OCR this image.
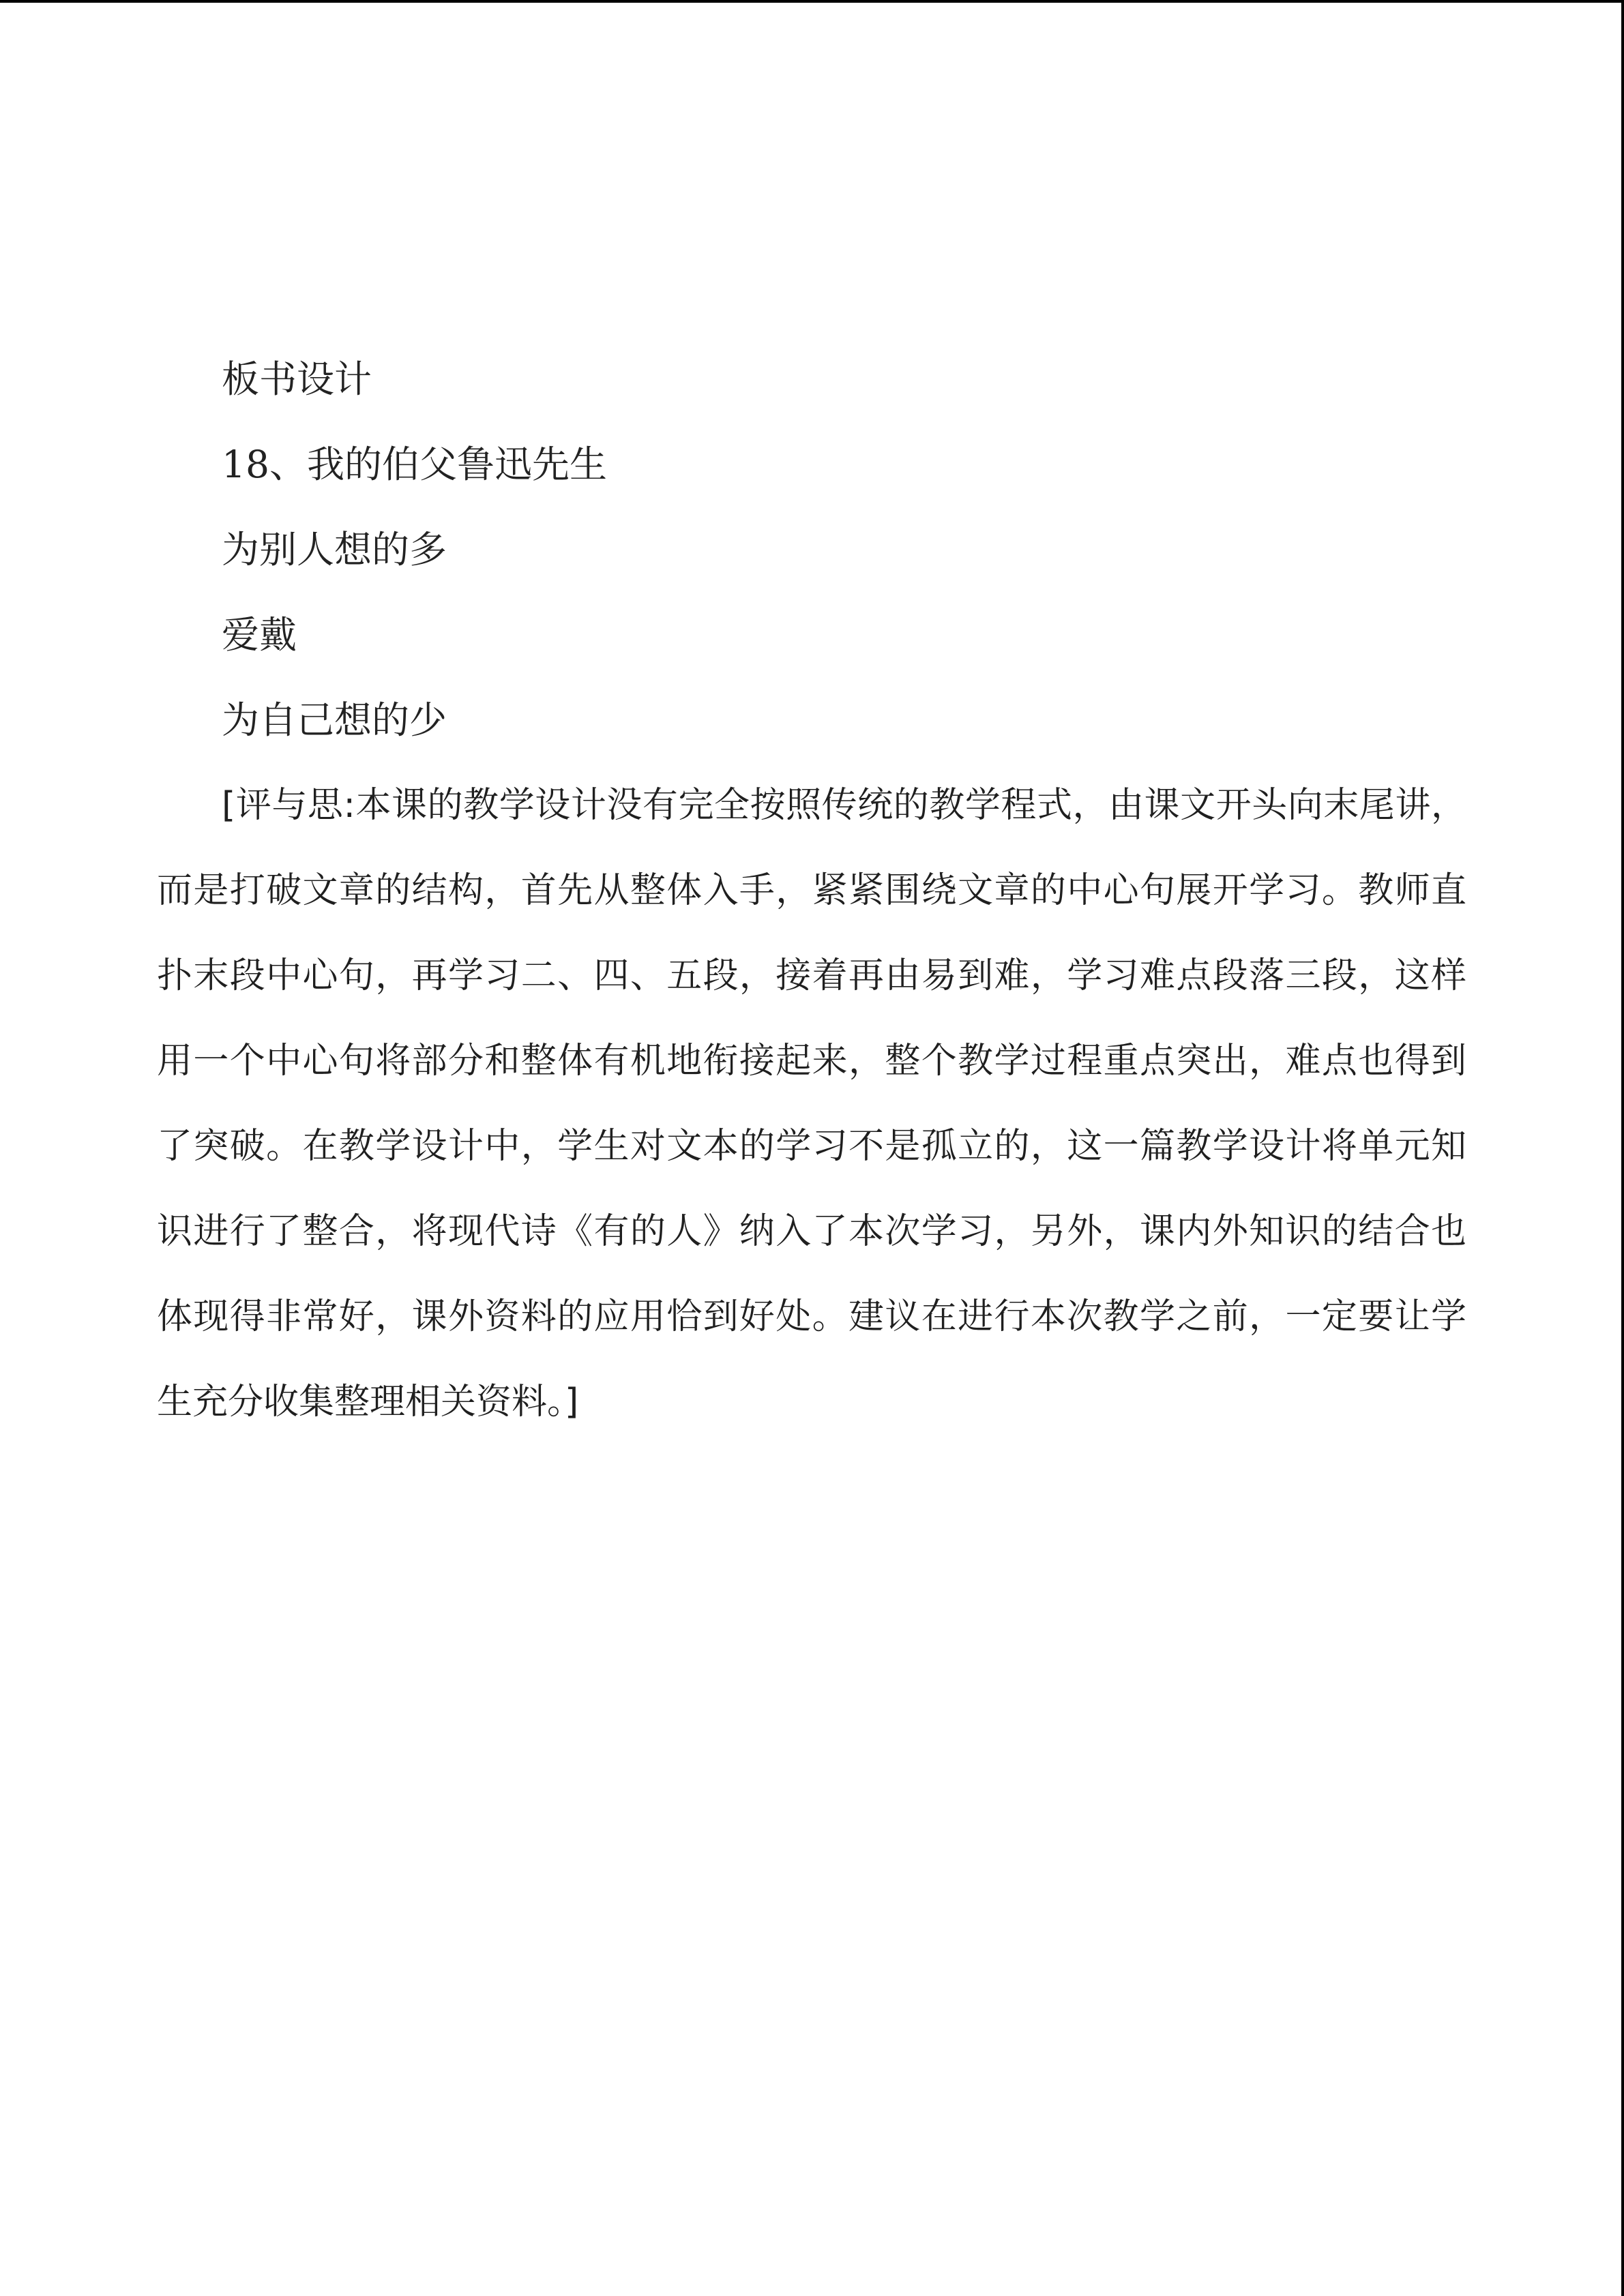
板书设计

18、我的伯父鲁迅先生

为别人想的多

爱戴

为自己想的少

[评与思:本课的教学设计没有完全按照传统的教学程式，由课文开头向末尾讲，而是打破文章的结构，首先从整体入手，紧紧围绕文章的中心句展开学习。教师直扑末段中心句，再学习二、四、五段，接着再由易到难，学习难点段落三段，这样用一个中心句将部分和整体有机地衔接起来，整个教学过程重点突出，难点也得到了突破。在教学设计中，学生对文本的学习不是孤立的，这一篇教学设计将单元知识进行了整合，将现代诗《有的人》纳入了本次学习，另外，课内外知识的结合也体现得非常好，课外资料的应用恰到好处。建议在进行本次教学之前，一定要让学生充分收集整理相关资料。]
